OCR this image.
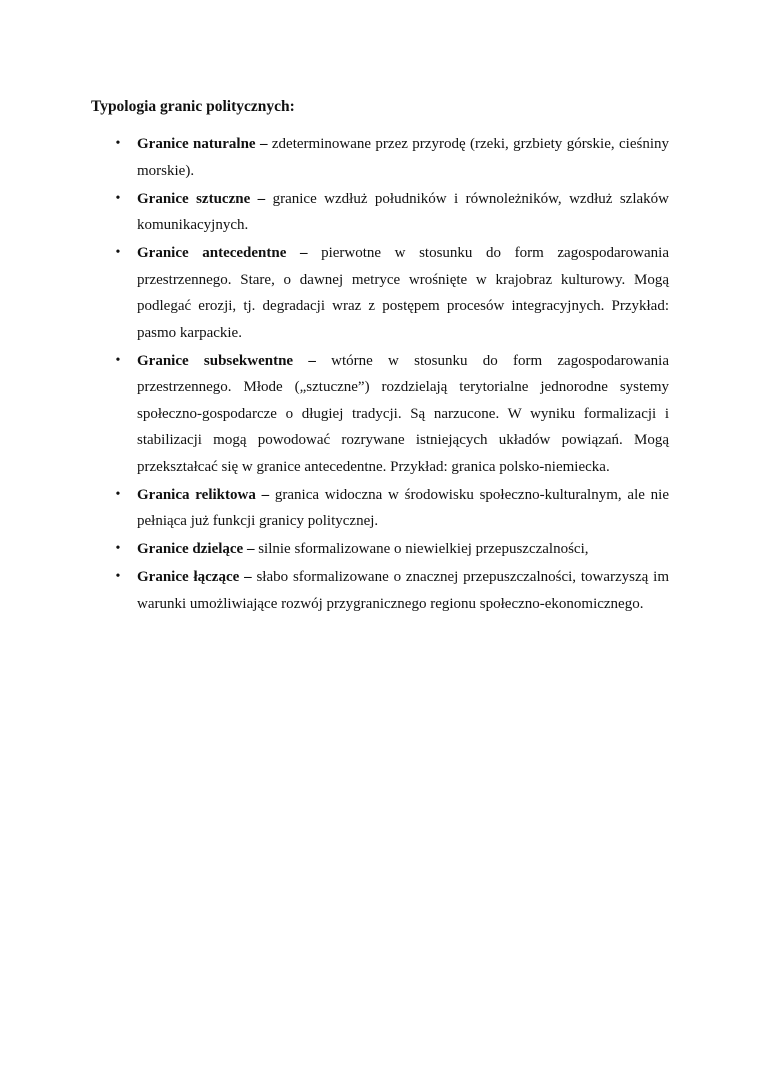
Typologia granic politycznych:
• Granice naturalne – zdeterminowane przez przyrodę (rzeki, grzbiety górskie, cieśniny morskie).
• Granice sztuczne – granice wzdłuż południków i równoleżników, wzdłuż szlaków komunikacyjnych.
• Granice antecedentne – pierwotne w stosunku do form zagospodarowania przestrzennego. Stare, o dawnej metryce wrośnięte w krajobraz kulturowy. Mogą podlegać erozji, tj. degradacji wraz z postępem procesów integracyjnych. Przykład: pasmo karpackie.
• Granice subsekwentne – wtórne w stosunku do form zagospodarowania przestrzennego. Młode („sztuczne”) rozdzielają terytorialne jednorodne systemy społeczno-gospodarcze o długiej tradycji. Są narzucone. W wyniku formalizacji i stabilizacji mogą powodować rozrywane istniejących układów powiązań. Mogą przekształcać się w granice antecedentne. Przykład: granica polsko-niemiecka.
• Granica reliktowa – granica widoczna w środowisku społeczno-kulturalnym, ale nie pełniąca już funkcji granicy politycznej.
• Granice dzielące – silnie sformalizowane o niewielkiej przepuszczalności,
• Granice łączące – słabo sformalizowane o znacznej przepuszczalności, towarzyszą im warunki umożliwiające rozwój przygranicznego regionu społeczno-ekonomicznego.
